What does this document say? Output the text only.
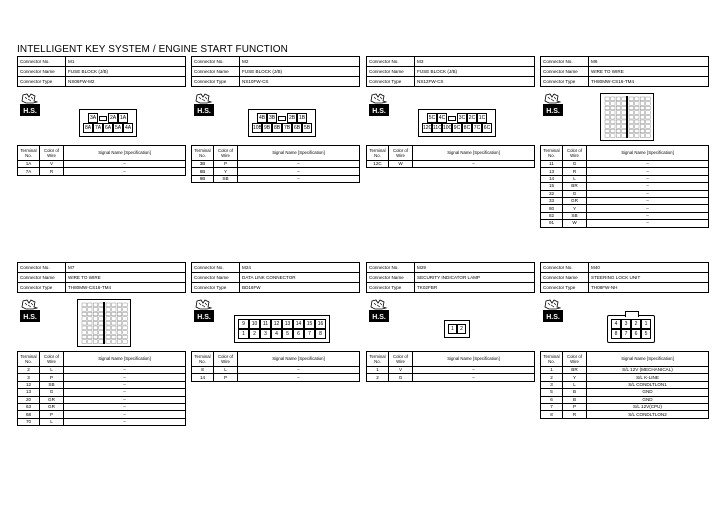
INTELLIGENT KEY SYSTEM / ENGINE START FUNCTION
Connector No.	M1
Connector Name	FUSE BLOCK (J/B)
Connector Type	NS06FW-M2
H.S.
3A	2A 1A
8A 7A 6A 5A 4A
Terminal No.	Color of Wire	Signal Name [Specification]
1A	V	–
7A	R	–
Connector No.	M2
Connector Name	FUSE BLOCK (J/B)
Connector Type	NS10FW-CS
H.S.
4B 3B	2B 1B
10B 9B 8B 7B 6B 5B
Terminal No.	Color of Wire	Signal Name [Specification]
3B	P	–
6B	Y	–
9B	SB	–
Connector No.	M3
Connector Name	FUSE BLOCK (J/B)
Connector Type	NS12FW-CS
H.S.
5C 4C	3C 2C 1C
12C 11C 10C 9C 8C 7C 6C
Terminal No.	Color of Wire	Signal Name [Specification]
12C	W	–
Connector No.	M6
Connector Name	WIRE TO WIRE
Connector Type	TH80MW-CS16-TM4
H.S.
Terminal No.	Color of Wire	Signal Name [Specification]
11	G	–
13	R	–
14	L	–
15	BR	–
32	G	–
33	GR	–
80	Y	–
82	SB	–
91	W	–
Connector No.	M7
Connector Name	WIRE TO WIRE
Connector Type	TH80MW-CS16-TM4
H.S.
Terminal No.	Color of Wire	Signal Name [Specification]
2	L	–
3	P	–
12	SB	–
13	G	–
20	GR	–
63	GR	–
68	P	–
70	L	–
Connector No.	M24
Connector Name	DATA LINK CONNECTOR
Connector Type	BD16FW
H.S.
9	10	11	12	13	14	15	16
1	2	3	4	5	6	7	8
Terminal No.	Color of Wire	Signal Name [Specification]
8	L	–
14	P	–
Connector No.	M29
Connector Name	SECURITY INDICATOR LAMP
Connector Type	TK02FBR
H.S.
1	2
Terminal No.	Color of Wire	Signal Name [Specification]
1	V	–
2	G	–
Connector No.	M40
Connector Name	STEERING LOCK UNIT
Connector Type	TH08FW-NH
H.S.
4	3	2	1
8	7	6	5
Terminal No.	Color of Wire	Signal Name [Specification]
1	BR	S/L 12V (MECHANICAL)
2	Y	S/L K-LINE
3	L	S/L CONDLTLON1
5	B	GND
6	B	GND
7	P	S/L 12V(CPU)
8	R	S/L CONDLTLON2
